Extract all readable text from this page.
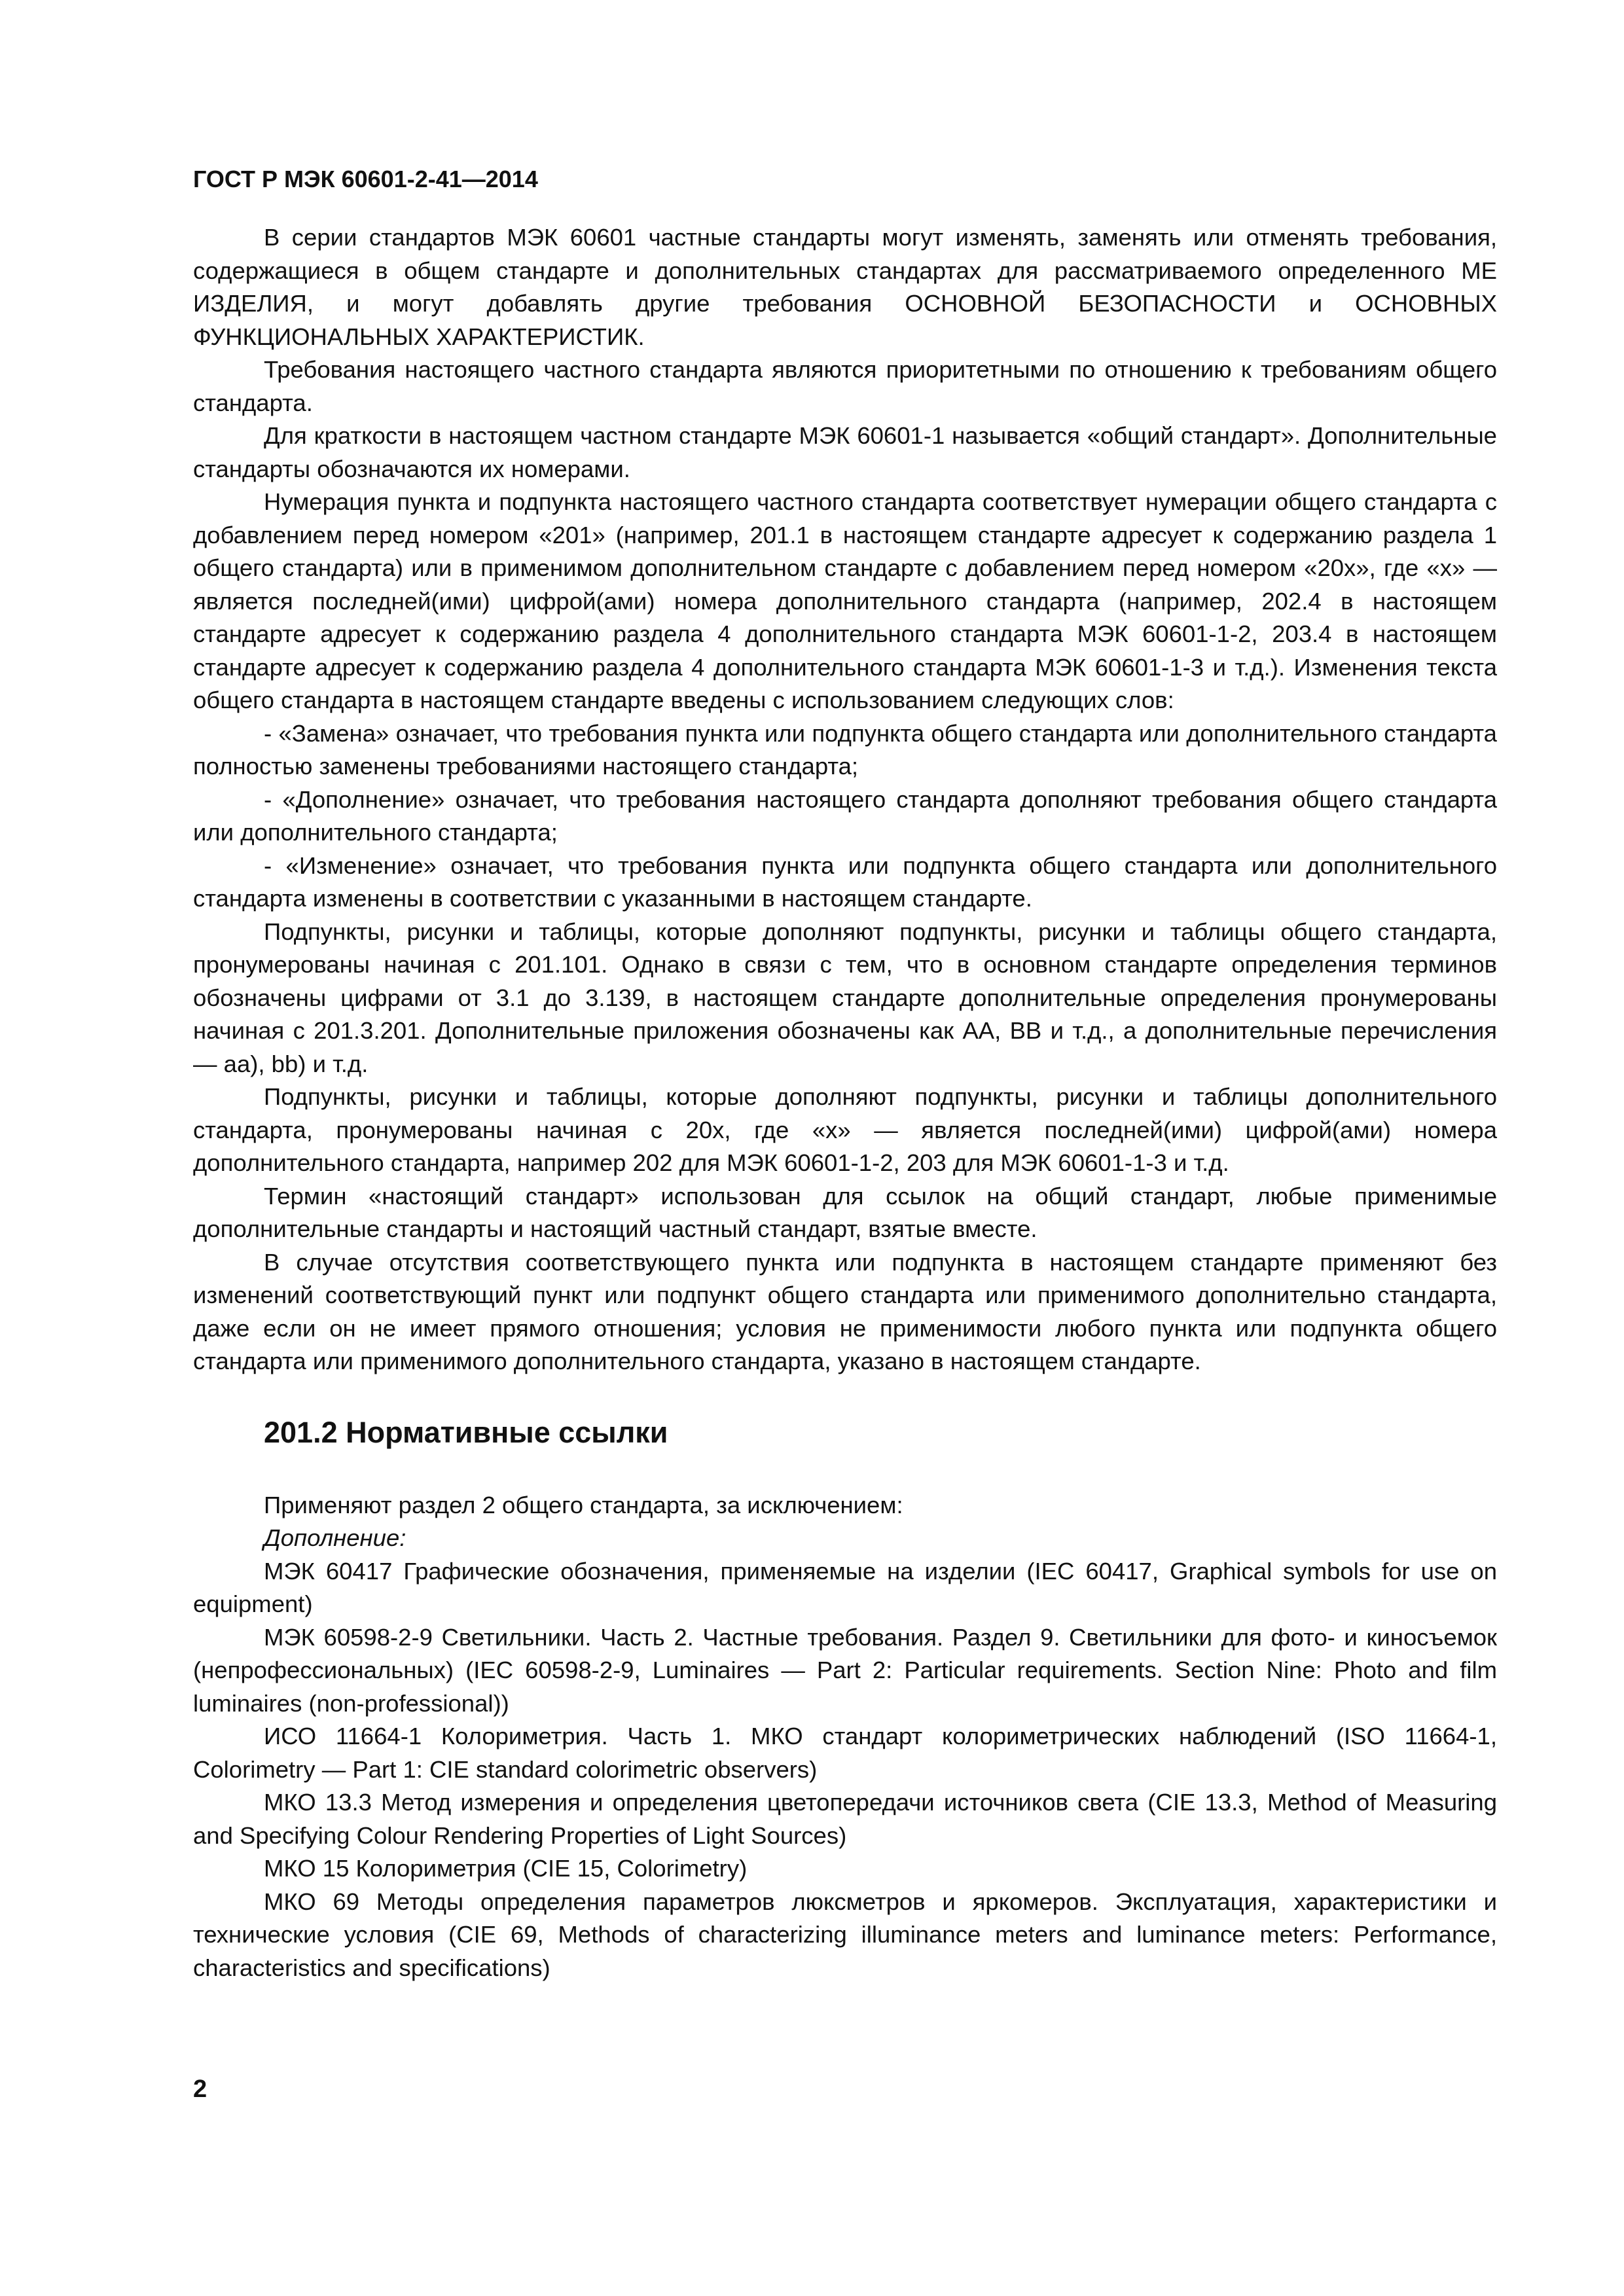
ГОСТ Р МЭК 60601-2-41—2014

В серии стандартов МЭК 60601 частные стандарты могут изменять, заменять или отменять требования, содержащиеся в общем стандарте и дополнительных стандартах для рассматриваемого определенного МЕ ИЗДЕЛИЯ, и могут добавлять другие требования ОСНОВНОЙ БЕЗОПАСНОСТИ и ОСНОВНЫХ ФУНКЦИОНАЛЬНЫХ ХАРАКТЕРИСТИК.

Требования настоящего частного стандарта являются приоритетными по отношению к требованиям общего стандарта.

Для краткости в настоящем частном стандарте МЭК 60601-1 называется «общий стандарт». Дополнительные стандарты обозначаются их номерами.

Нумерация пункта и подпункта настоящего частного стандарта соответствует нумерации общего стандарта с добавлением перед номером «201» (например, 201.1 в настоящем стандарте адресует к содержанию раздела 1 общего стандарта) или в применимом дополнительном стандарте с добавлением перед номером «20x», где «x» — является последней(ими) цифрой(ами) номера дополнительного стандарта (например, 202.4 в настоящем стандарте адресует к содержанию раздела 4 дополнительного стандарта МЭК 60601-1-2, 203.4 в настоящем стандарте адресует к содержанию раздела 4 дополнительного стандарта МЭК 60601-1-3 и т.д.). Изменения текста общего стандарта в настоящем стандарте введены с использованием следующих слов:

- «Замена» означает, что требования пункта или подпункта общего стандарта или дополнительного стандарта полностью заменены требованиями настоящего стандарта;

- «Дополнение» означает, что требования настоящего стандарта дополняют требования общего стандарта или дополнительного стандарта;

- «Изменение» означает, что требования пункта или подпункта общего стандарта или дополнительного стандарта изменены в соответствии с указанными в настоящем стандарте.

Подпункты, рисунки и таблицы, которые дополняют подпункты, рисунки и таблицы общего стандарта, пронумерованы начиная с 201.101. Однако в связи с тем, что в основном стандарте определения терминов обозначены цифрами от 3.1 до 3.139, в настоящем стандарте дополнительные определения пронумерованы начиная с 201.3.201. Дополнительные приложения обозначены как АА, ВВ и т.д., а дополнительные перечисления — aa), bb) и т.д.

Подпункты, рисунки и таблицы, которые дополняют подпункты, рисунки и таблицы дополнительного стандарта, пронумерованы начиная с 20x, где «x» — является последней(ими) цифрой(ами) номера дополнительного стандарта, например 202 для МЭК 60601-1-2, 203 для МЭК 60601-1-3 и т.д.

Термин «настоящий стандарт» использован для ссылок на общий стандарт, любые применимые дополнительные стандарты и настоящий частный стандарт, взятые вместе.

В случае отсутствия соответствующего пункта или подпункта в настоящем стандарте применяют без изменений соответствующий пункт или подпункт общего стандарта или применимого дополнительно стандарта, даже если он не имеет прямого отношения; условия не применимости любого пункта или подпункта общего стандарта или применимого дополнительного стандарта, указано в настоящем стандарте.

201.2 Нормативные ссылки

Применяют раздел 2 общего стандарта, за исключением:

Дополнение:

МЭК 60417 Графические обозначения, применяемые на изделии (IEC 60417, Graphical symbols for use on equipment)

МЭК 60598-2-9 Светильники. Часть 2. Частные требования. Раздел 9. Светильники для фото- и киносъемок (непрофессиональных) (IEC 60598-2-9, Luminaires — Part 2: Particular requirements. Section Nine: Photo and film luminaires (non-professional))

ИСО 11664-1 Колориметрия. Часть 1. МКО стандарт колориметрических наблюдений (ISO 11664-1, Colorimetry — Part 1: CIE standard colorimetric observers)

МКО 13.3 Метод измерения и определения цветопередачи источников света (CIE 13.3, Method of Measuring and Specifying Colour Rendering Properties of Light Sources)

МКО 15 Колориметрия (CIE 15, Colorimetry)

МКО 69 Методы определения параметров люксметров и яркомеров. Эксплуатация, характеристики и технические условия (CIE 69, Methods of characterizing illuminance meters and luminance meters: Performance, characteristics and specifications)

2
